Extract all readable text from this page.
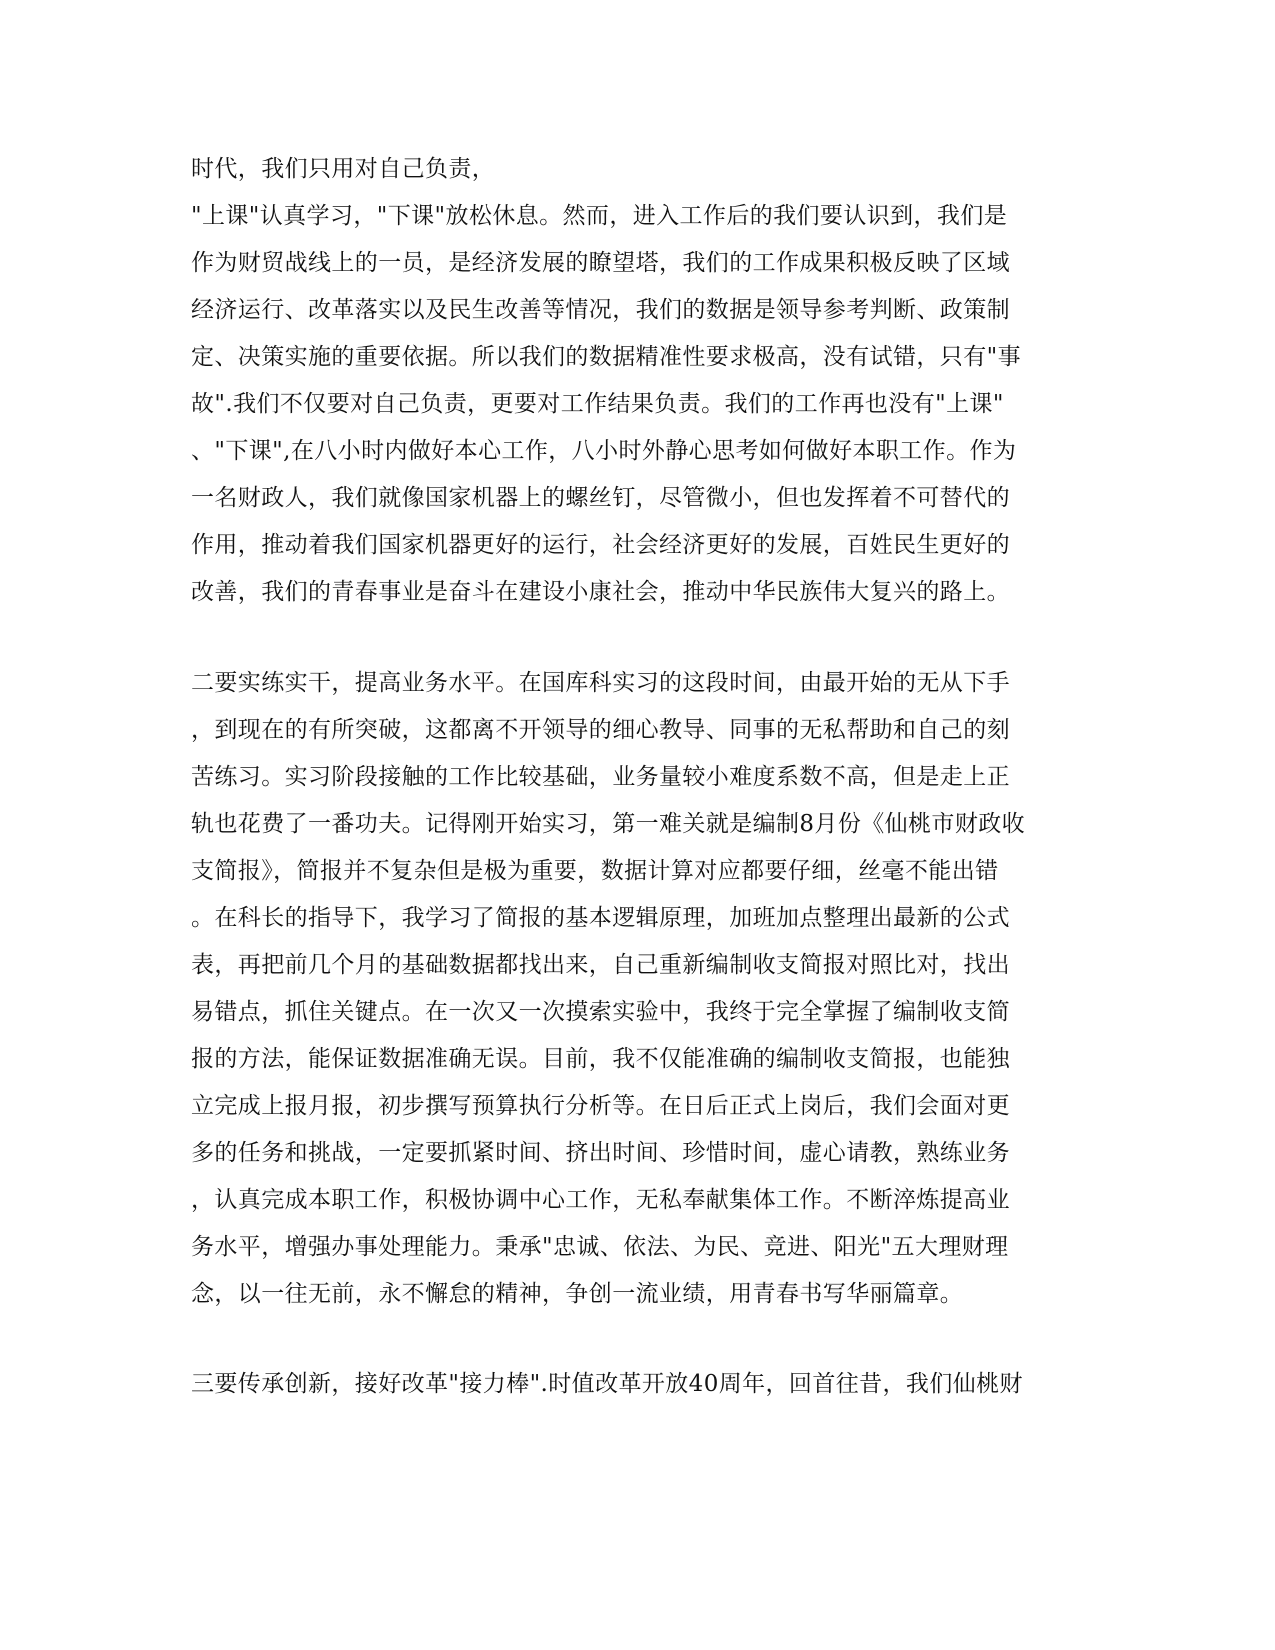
时代，我们只用对自己负责，
"上课"认真学习，"下课"放松休息。然而，进入工作后的我们要认识到，我们是
作为财贸战线上的一员，是经济发展的瞭望塔，我们的工作成果积极反映了区域
经济运行、改革落实以及民生改善等情况，我们的数据是领导参考判断、政策制
定、决策实施的重要依据。所以我们的数据精准性要求极高，没有试错，只有"事
故".我们不仅要对自己负责，更要对工作结果负责。我们的工作再也没有"上课"
、"下课",在八小时内做好本心工作，八小时外静心思考如何做好本职工作。作为
一名财政人，我们就像国家机器上的螺丝钉，尽管微小，但也发挥着不可替代的
作用，推动着我们国家机器更好的运行，社会经济更好的发展，百姓民生更好的
改善，我们的青春事业是奋斗在建设小康社会，推动中华民族伟大复兴的路上。
二要实练实干，提高业务水平。在国库科实习的这段时间，由最开始的无从下手
，到现在的有所突破，这都离不开领导的细心教导、同事的无私帮助和自己的刻
苦练习。实习阶段接触的工作比较基础，业务量较小难度系数不高，但是走上正
轨也花费了一番功夫。记得刚开始实习，第一难关就是编制8月份《仙桃市财政收
支简报》，简报并不复杂但是极为重要，数据计算对应都要仔细，丝毫不能出错
。在科长的指导下，我学习了简报的基本逻辑原理，加班加点整理出最新的公式
表，再把前几个月的基础数据都找出来，自己重新编制收支简报对照比对，找出
易错点，抓住关键点。在一次又一次摸索实验中，我终于完全掌握了编制收支简
报的方法，能保证数据准确无误。目前，我不仅能准确的编制收支简报，也能独
立完成上报月报，初步撰写预算执行分析等。在日后正式上岗后，我们会面对更
多的任务和挑战，一定要抓紧时间、挤出时间、珍惜时间，虚心请教，熟练业务
，认真完成本职工作，积极协调中心工作，无私奉献集体工作。不断淬炼提高业
务水平，增强办事处理能力。秉承"忠诚、依法、为民、竞进、阳光"五大理财理
念，以一往无前，永不懈怠的精神，争创一流业绩，用青春书写华丽篇章。
三要传承创新，接好改革"接力棒".时值改革开放40周年，回首往昔，我们仙桃财
